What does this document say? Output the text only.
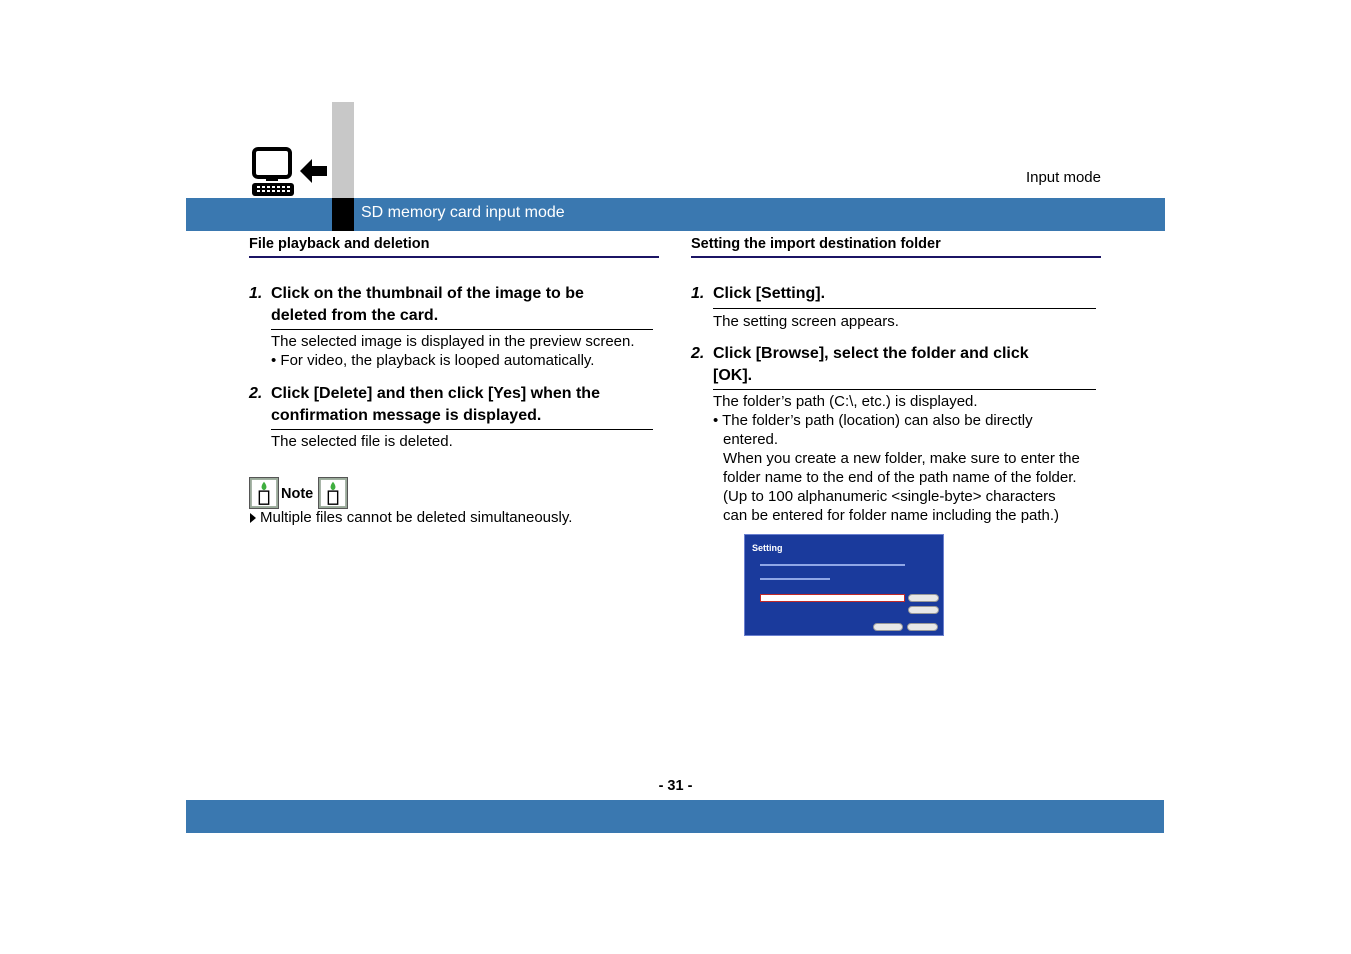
Input mode
SD memory card input mode
File playback and deletion
1. Click on the thumbnail of the image to be
deleted from the card.
The selected image is displayed in the preview screen.
• For video, the playback is looped automatically.
2. Click [Delete] and then click [Yes] when the
confirmation message is displayed.
The selected file is deleted.
Note
Multiple files cannot be deleted simultaneously.
Setting the import destination folder
1. Click [Setting].
The setting screen appears.
2. Click [Browse], select the folder and click
[OK].
The folder’s path (C:\, etc.) is displayed.
• The folder’s path (location) can also be directly
entered.
When you create a new folder, make sure to enter the
folder name to the end of the path name of the folder.
(Up to 100 alphanumeric <single-byte> characters
can be entered for folder name including the path.)
Setting
- 31 -
